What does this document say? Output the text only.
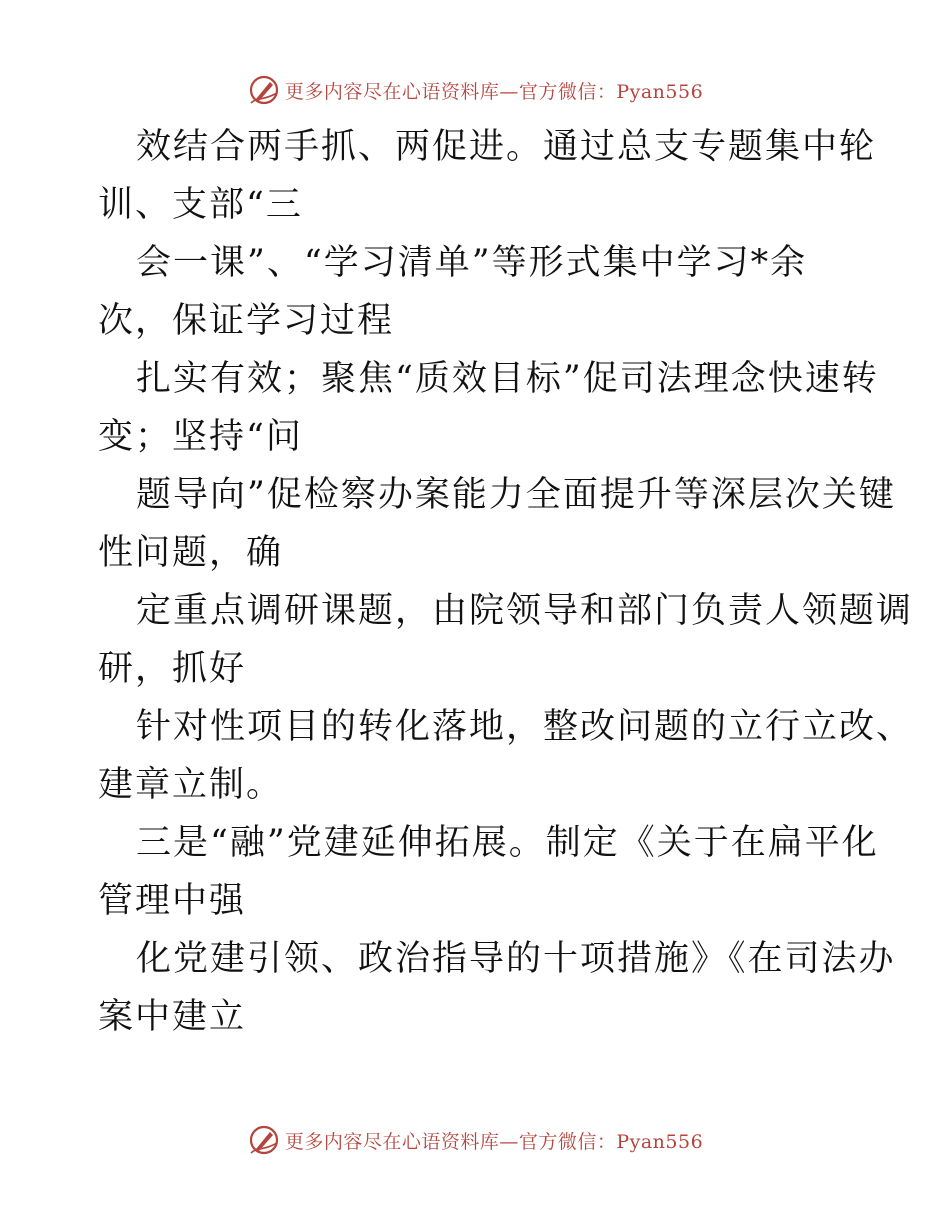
更多内容尽在心语资料库—官方微信：Pyan556
效结合两手抓、两促进。通过总支专题集中轮
训、支部“三
会一课”、“学习清单”等形式集中学习*余
次，保证学习过程
扎实有效；聚焦“质效目标”促司法理念快速转
变；坚持“问
题导向”促检察办案能力全面提升等深层次关键
性问题，确
定重点调研课题，由院领导和部门负责人领题调
研，抓好
针对性项目的转化落地，整改问题的立行立改、
建章立制。
三是“融”党建延伸拓展。制定《关于在扁平化
管理中强
化党建引领、政治指导的十项措施》《在司法办
案中建立
更多内容尽在心语资料库—官方微信：Pyan556
